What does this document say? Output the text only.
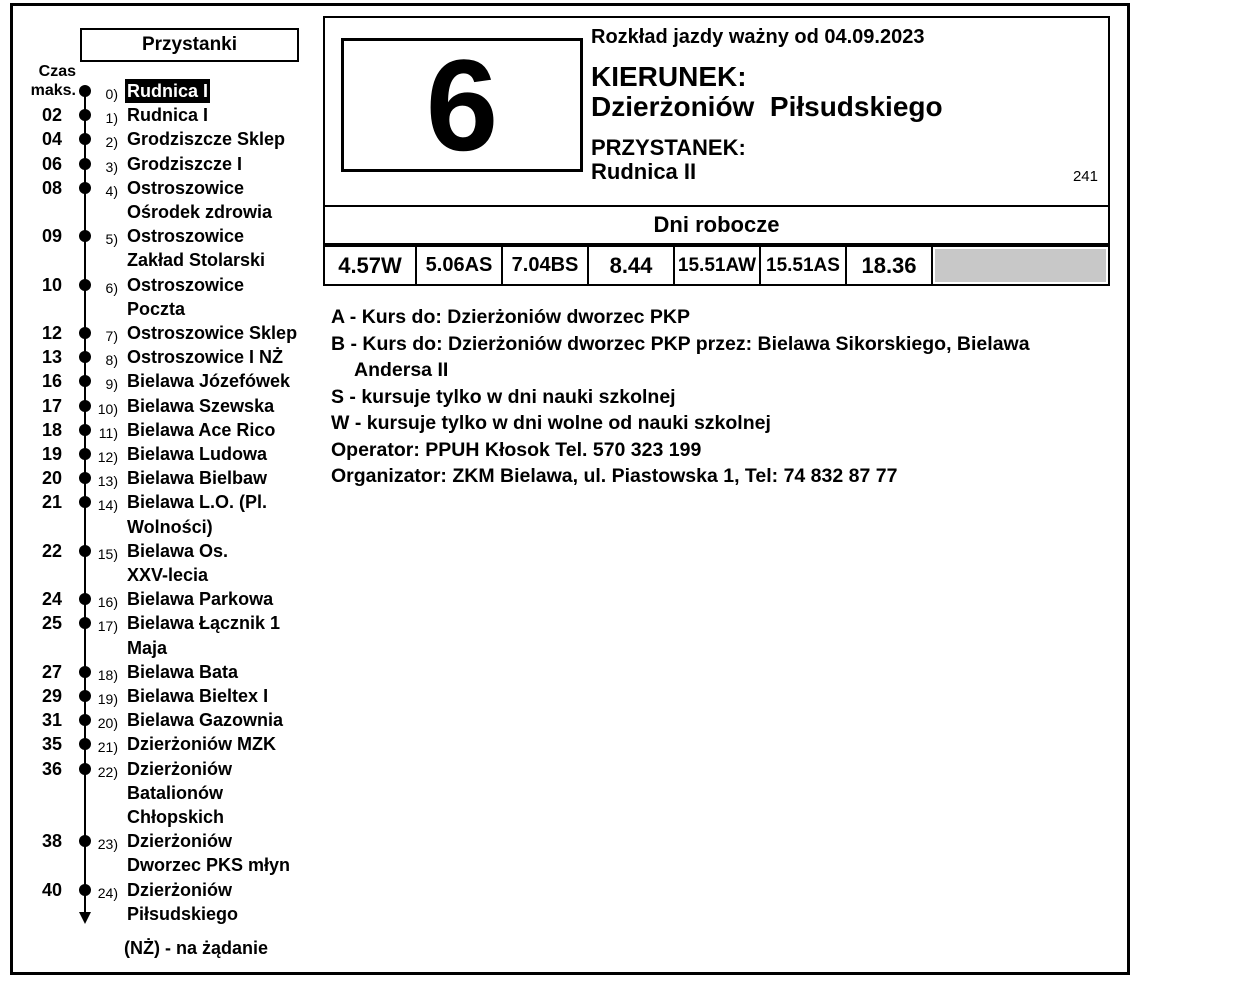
Przystanki
Czas
maks.	0) Rudnica I
02	1) Rudnica I
04	2) Grodziszcze Sklep
06	3) Grodziszcze I
08	4) Ostroszowice
Ośrodek zdrowia
09	5) Ostroszowice
Zakład Stolarski
10	6) Ostroszowice
Poczta
12	7) Ostroszowice Sklep
13	8) Ostroszowice I NŻ
16	9) Bielawa Józefówek
17	10) Bielawa Szewska
18	11) Bielawa Ace Rico
19	12) Bielawa Ludowa
20	13) Bielawa Bielbaw
21	14) Bielawa L.O. (Pl.
Wolności)
22	15) Bielawa Os.
XXV-lecia
24	16) Bielawa Parkowa
25	17) Bielawa Łącznik 1
Maja
27	18) Bielawa Bata
29	19) Bielawa Bieltex I
31	20) Bielawa Gazownia
35	21) Dzierżoniów MZK
36	22) Dzierżoniów
Batalionów
Chłopskich
38	23) Dzierżoniów
Dworzec PKS młyn
40	24) Dzierżoniów
Piłsudskiego
(NŻ) - na żądanie
6	Rozkład jazdy ważny od 04.09.2023
KIERUNEK:
Dzierżoniów  Piłsudskiego
PRZYSTANEK:
Rudnica II	241
Dni robocze
4.57W	5.06AS 7.04BS	8.44	15.51AW 15.51AS 18.36
A - Kurs do: Dzierżoniów dworzec PKP
B - Kurs do: Dzierżoniów dworzec PKP przez: Bielawa Sikorskiego, Bielawa
Andersa II
S - kursuje tylko w dni nauki szkolnej
W - kursuje tylko w dni wolne od nauki szkolnej
Operator: PPUH Kłosok Tel. 570 323 199
Organizator: ZKM Bielawa, ul. Piastowska 1, Tel: 74 832 87 77
